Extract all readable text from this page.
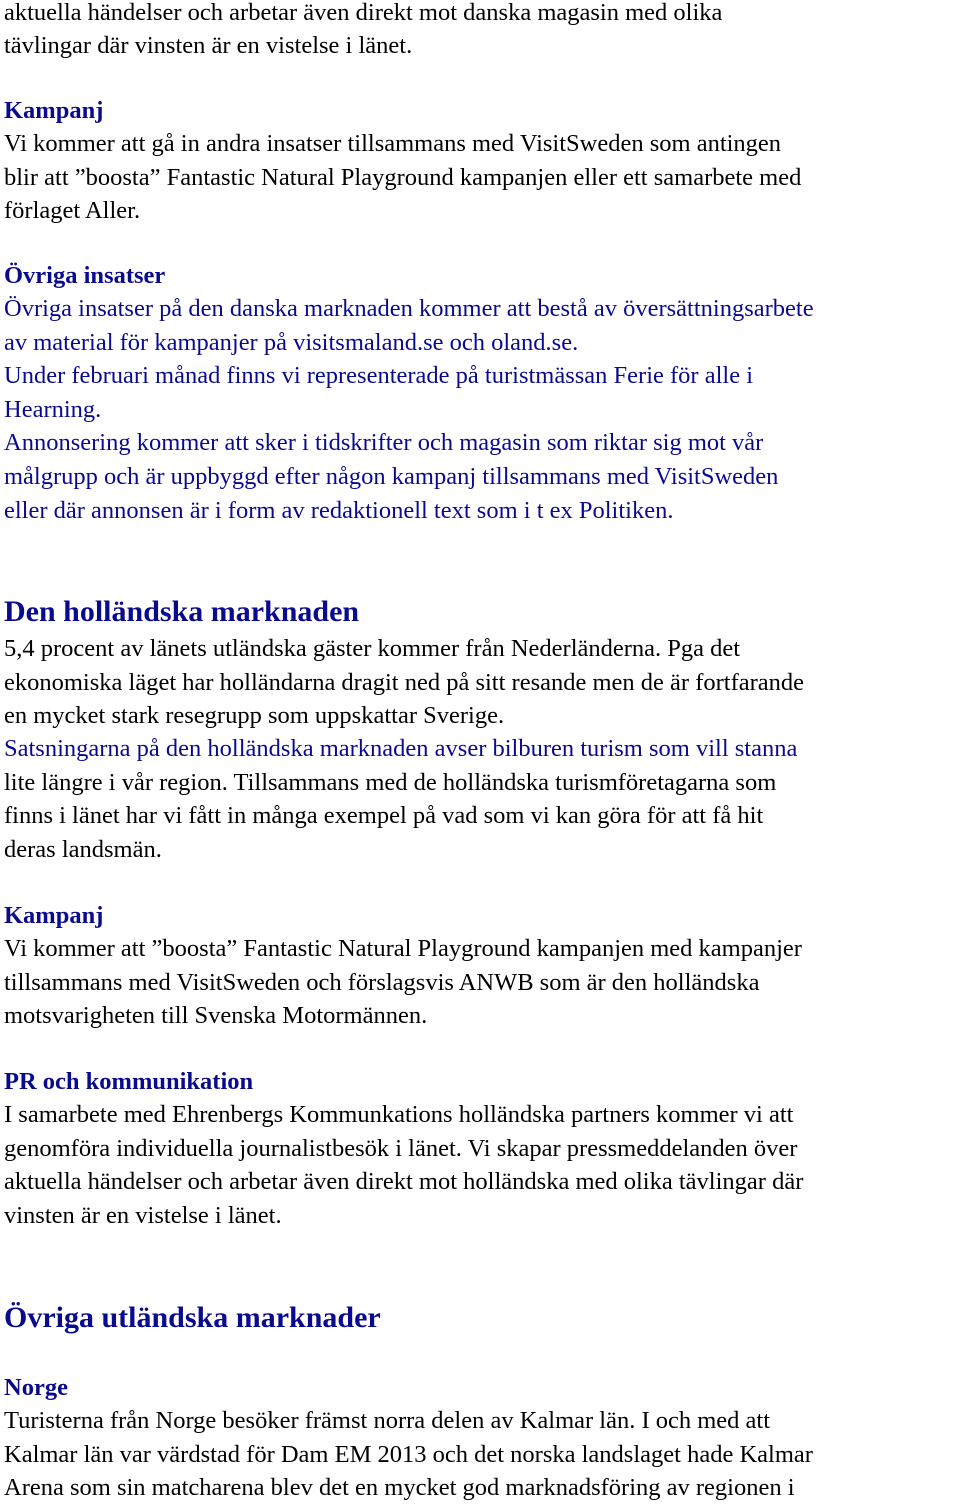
aktuella händelser och arbetar även direkt mot danska magasin med olika
tävlingar där vinsten är en vistelse i länet.
Kampanj
Vi kommer att gå in andra insatser tillsammans med VisitSweden som antingen
blir att ”boosta” Fantastic Natural Playground kampanjen eller ett samarbete med
förlaget Aller.
Övriga insatser
Övriga insatser på den danska marknaden kommer att bestå av översättningsarbete
av material för kampanjer på visitsmaland.se och oland.se.
Under februari månad finns vi representerade på turistmässan Ferie för alle i
Hearning.
Annonsering kommer att sker i tidskrifter och magasin som riktar sig mot vår
målgrupp och är uppbyggd efter någon kampanj tillsammans med VisitSweden
eller där annonsen är i form av redaktionell text som i t ex Politiken.
Den holländska marknaden
5,4 procent av länets utländska gäster kommer från Nederländerna. Pga det
ekonomiska läget har holländarna dragit ned på sitt resande men de är fortfarande
en mycket stark resegrupp som uppskattar Sverige.
Satsningarna på den holländska marknaden avser bilburen turism som vill stanna
lite längre i vår region. Tillsammans med de holländska turismföretagarna som
finns i länet har vi fått in många exempel på vad som vi kan göra för att få hit
deras landsmän.
Kampanj
Vi kommer att ”boosta” Fantastic Natural Playground kampanjen med kampanjer
tillsammans med VisitSweden och förslagsvis ANWB som är den holländska
motsvarigheten till Svenska Motormännen.
PR och kommunikation
I samarbete med Ehrenbergs Kommunkations holländska partners kommer vi att
genomföra individuella journalistbesök i länet. Vi skapar pressmeddelanden över
aktuella händelser och arbetar även direkt mot holländska med olika tävlingar där
vinsten är en vistelse i länet.
Övriga utländska marknader
Norge
Turisterna från Norge besöker främst norra delen av Kalmar län. I och med att
Kalmar län var värdstad för Dam EM 2013 och det norska landslaget hade Kalmar
Arena som sin matcharena blev det en mycket god marknadsföring av regionen i
